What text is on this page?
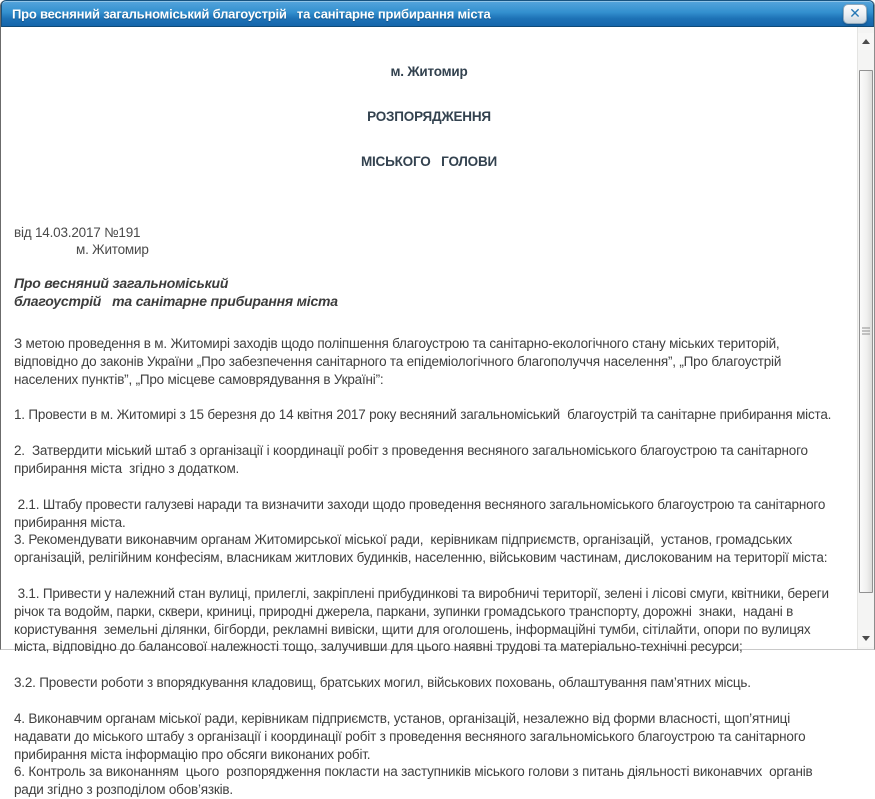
Про весняний загальноміський благоустрій   та санітарне прибирання міста	✕

м. Житомир

РОЗПОРЯДЖЕННЯ

МІСЬКОГО   ГОЛОВИ

від 14.03.2017 №191
м. Житомир
Про весняний загальноміський
благоустрій   та санітарне прибирання міста

З метою проведення в м. Житомирі заходів щодо поліпшення благоустрою та санітарно-екологічного стану міських територій, відповідно до законів України „Про забезпечення санітарного та епідеміологічного благополуччя населення”, „Про благоустрій населених пунктів”, „Про місцеве самоврядування в Україні”:

1. Провести в м. Житомирі з 15 березня до 14 квітня 2017 року весняний загальноміський  благоустрій та санітарне прибирання міста.

2.  Затвердити міський штаб з організації і координації робіт з проведення весняного загальноміського благоустрою та санітарного прибирання міста  згідно з додатком.

2.1. Штабу провести галузеві наради та визначити заходи щодо проведення весняного загальноміського благоустрою та санітарного прибирання міста.

3. Рекомендувати виконавчим органам Житомирської міської ради,  керівникам підприємств, організацій,  установ, громадських організацій, релігійним конфесіям, власникам житлових будинків, населенню, військовим частинам, дислокованим на території міста:

3.1. Привести у належний стан вулиці, прилеглі, закріплені прибудинкові та виробничі території, зелені і лісові смуги, квітники, береги річок та водойм, парки, сквери, криниці, природні джерела, паркани, зупинки громадського транспорту, дорожні  знаки,  надані в користування  земельні ділянки, бігборди, рекламні вивіски, щити для оголошень, інформаційні тумби, сітілайти, опори по вулицях міста, відповідно до балансової належності тощо, залучивши для цього наявні трудові та матеріально-технічні ресурси;

3.2. Провести роботи з впорядкування кладовищ, братських могил, військових поховань, облаштування пам’ятних місць.

4. Виконавчим органам міської ради, керівникам підприємств, установ, організацій, незалежно від форми власності, щоп’ятниці надавати до міського штабу з організації і координації робіт з проведення весняного загальноміського благоустрою та санітарного прибирання міста інформацію про обсяги виконаних робіт.

6. Контроль за виконанням  цього  розпорядження покласти на заступників міського голови з питань діяльності виконавчих  органів ради згідно з розподілом обов’язків.
